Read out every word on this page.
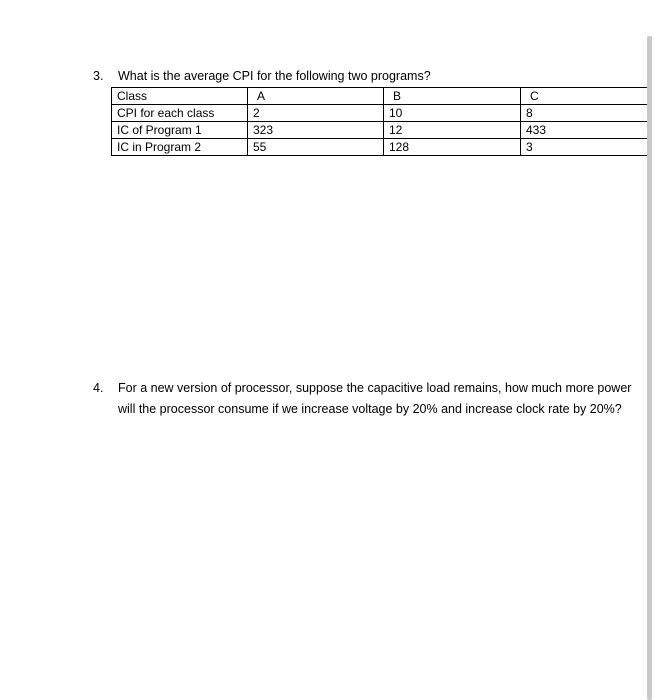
3.	What is the average CPI for the following two programs?
Class	A	B	C
CPI for each class	2	10	8
IC of Program 1	323	12	433
IC in Program 2	55	128	3
4.	For a new version of processor, suppose the capacitive load remains, how much more power will the processor consume if we increase voltage by 20% and increase clock rate by 20%?
